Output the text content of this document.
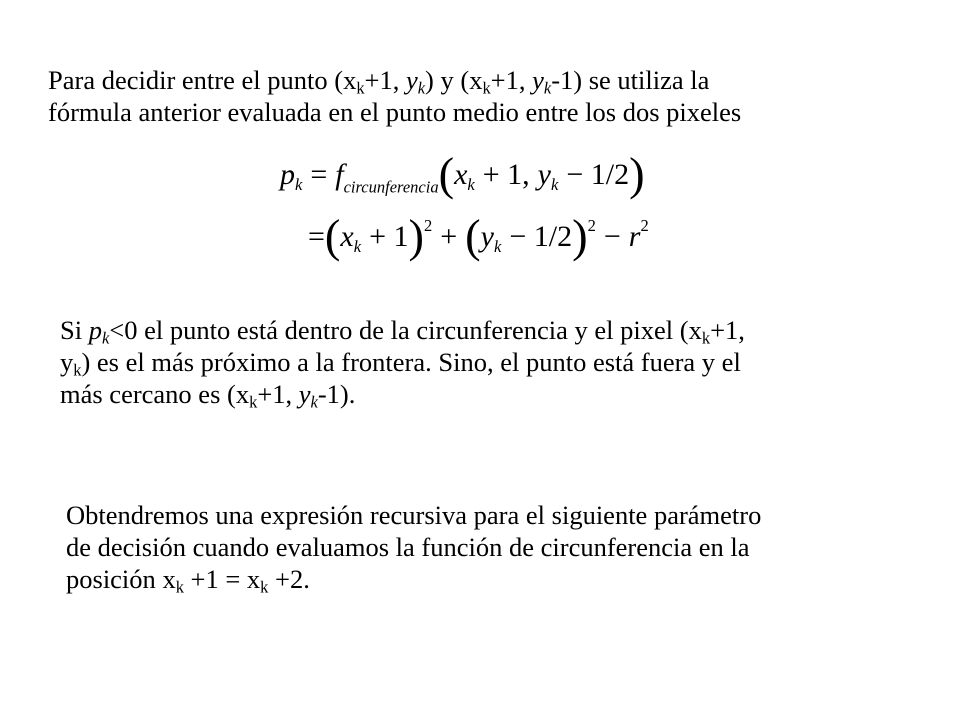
Para decidir entre el punto ($x_k+1$, $y_k$) y ($x_k+1$, $y_k-1$) se utiliza la
fórmula anterior evaluada en el punto medio entre los dos pixeles
$p_k = f_{circunferencia}(x_k + 1$, $y_k - 1/2$)
$=(x_k + 1)^2 + (y_k - 1/2)^2 - r^2$
Si $p_k<0$ el punto está dentro de la circunferencia y el pixel ($x_k+1$,
$y_k$) es el más próximo a la frontera. Sino, el punto está fuera y el
más cercano es ($x_k+1$, $y_k-1$).
Obtendremos una expresión recursiva para el siguiente parámetro
de decisión cuando evaluamos la función de circunferencia en la
posición $x_k +1 = x_k +2$.
